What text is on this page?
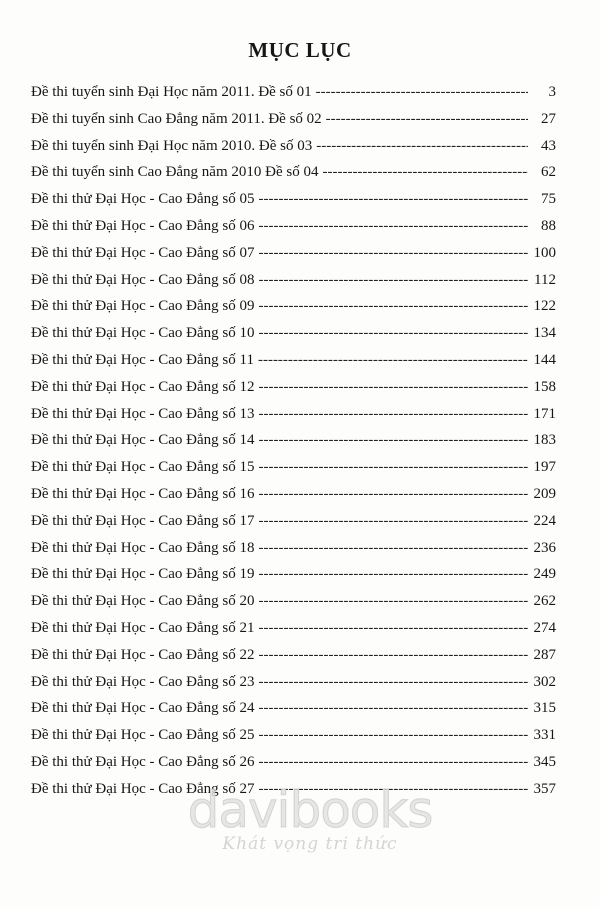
MỤC LỤC
Đề thi tuyển sinh Đại Học năm 2011. Đề số 01 -----	3
Đề thi tuyển sinh Cao Đẳng năm 2011. Đề số 02 -----	27
Đề thi tuyển sinh Đại Học năm 2010. Đề số 03 -----	43
Đề thi tuyển sinh Cao Đẳng năm 2010 Đề số 04 -----	62
Đề thi thử Đại Học - Cao Đẳng số 05 -----	75
Đề thi thử Đại Học - Cao Đẳng số 06 -----	88
Đề thi thử Đại Học - Cao Đẳng số 07 -----	100
Đề thi thử Đại Học - Cao Đẳng số 08 -----	112
Đề thi thử Đại Học - Cao Đẳng số 09 -----	122
Đề thi thử Đại Học - Cao Đẳng số 10 -----	134
Đề thi thử Đại Học - Cao Đẳng số 11 -----	144
Đề thi thử Đại Học - Cao Đẳng số 12 -----	158
Đề thi thử Đại Học - Cao Đẳng số 13 -----	171
Đề thi thử Đại Học - Cao Đẳng số 14 -----	183
Đề thi thử Đại Học - Cao Đẳng số 15 -----	197
Đề thi thử Đại Học - Cao Đẳng số 16 -----	209
Đề thi thử Đại Học - Cao Đẳng số 17 -----	224
Đề thi thử Đại Học - Cao Đẳng số 18 -----	236
Đề thi thử Đại Học - Cao Đẳng số 19 -----	249
Đề thi thử Đại Học - Cao Đẳng số 20 -----	262
Đề thi thử Đại Học - Cao Đẳng số 21 -----	274
Đề thi thử Đại Học - Cao Đẳng số 22 -----	287
Đề thi thử Đại Học - Cao Đẳng số 23 -----	302
Đề thi thử Đại Học - Cao Đẳng số 24 -----	315
Đề thi thử Đại Học - Cao Đẳng số 25 -----	331
Đề thi thử Đại Học - Cao Đẳng số 26 -----	345
Đề thi thử Đại Học - Cao Đẳng số 27 -----	357
davibooks
Khát vọng tri thức
